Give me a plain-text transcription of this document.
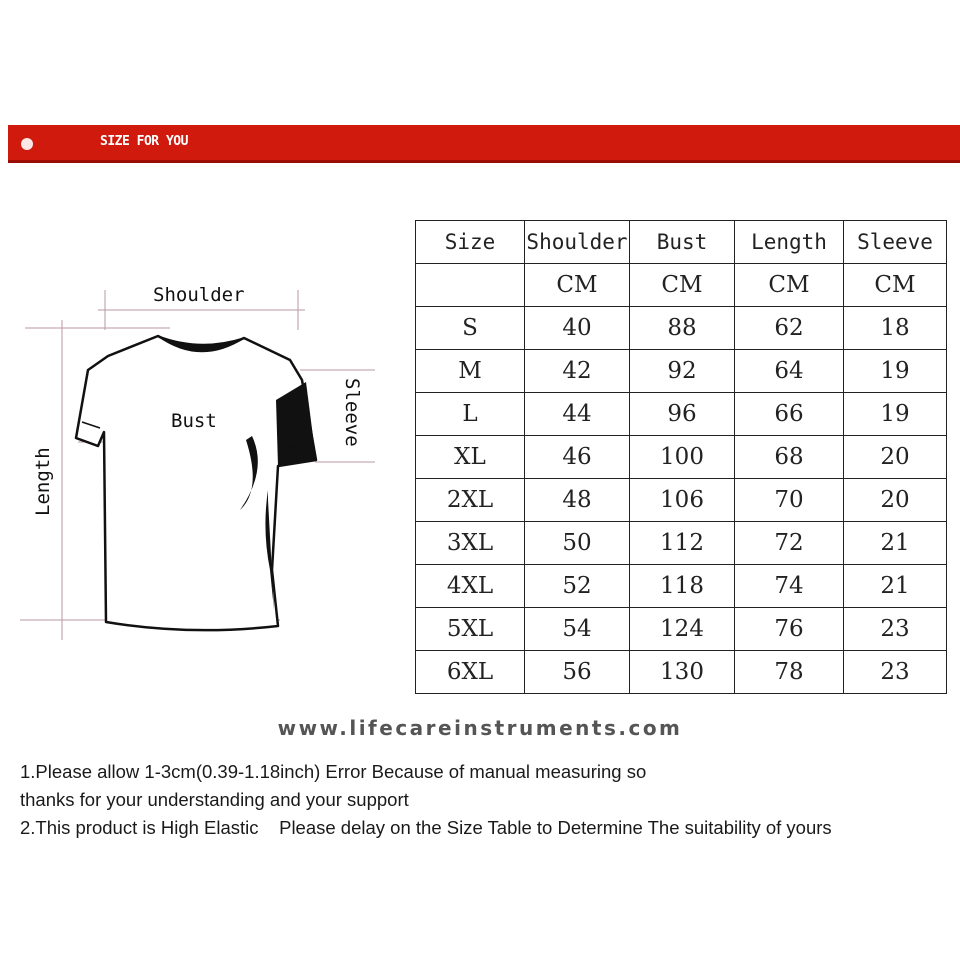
SIZE FOR YOU
Shoulder
Bust	Sleeve
Length
Size	Shoulder	Bust	Length	Sleeve
	CM	CM	CM	CM
S	40	88	62	18
M	42	92	64	19
L	44	96	66	19
XL	46	100	68	20
2XL	48	106	70	20
3XL	50	112	72	21
4XL	52	118	74	21
5XL	54	124	76	23
6XL	56	130	78	23
www.lifecareinstruments.com
1.Please allow 1-3cm(0.39-1.18inch) Error Because of manual measuring so
thanks for your understanding and your support
2.This product is High Elastic    Please delay on the Size Table to Determine The suitability of yours
